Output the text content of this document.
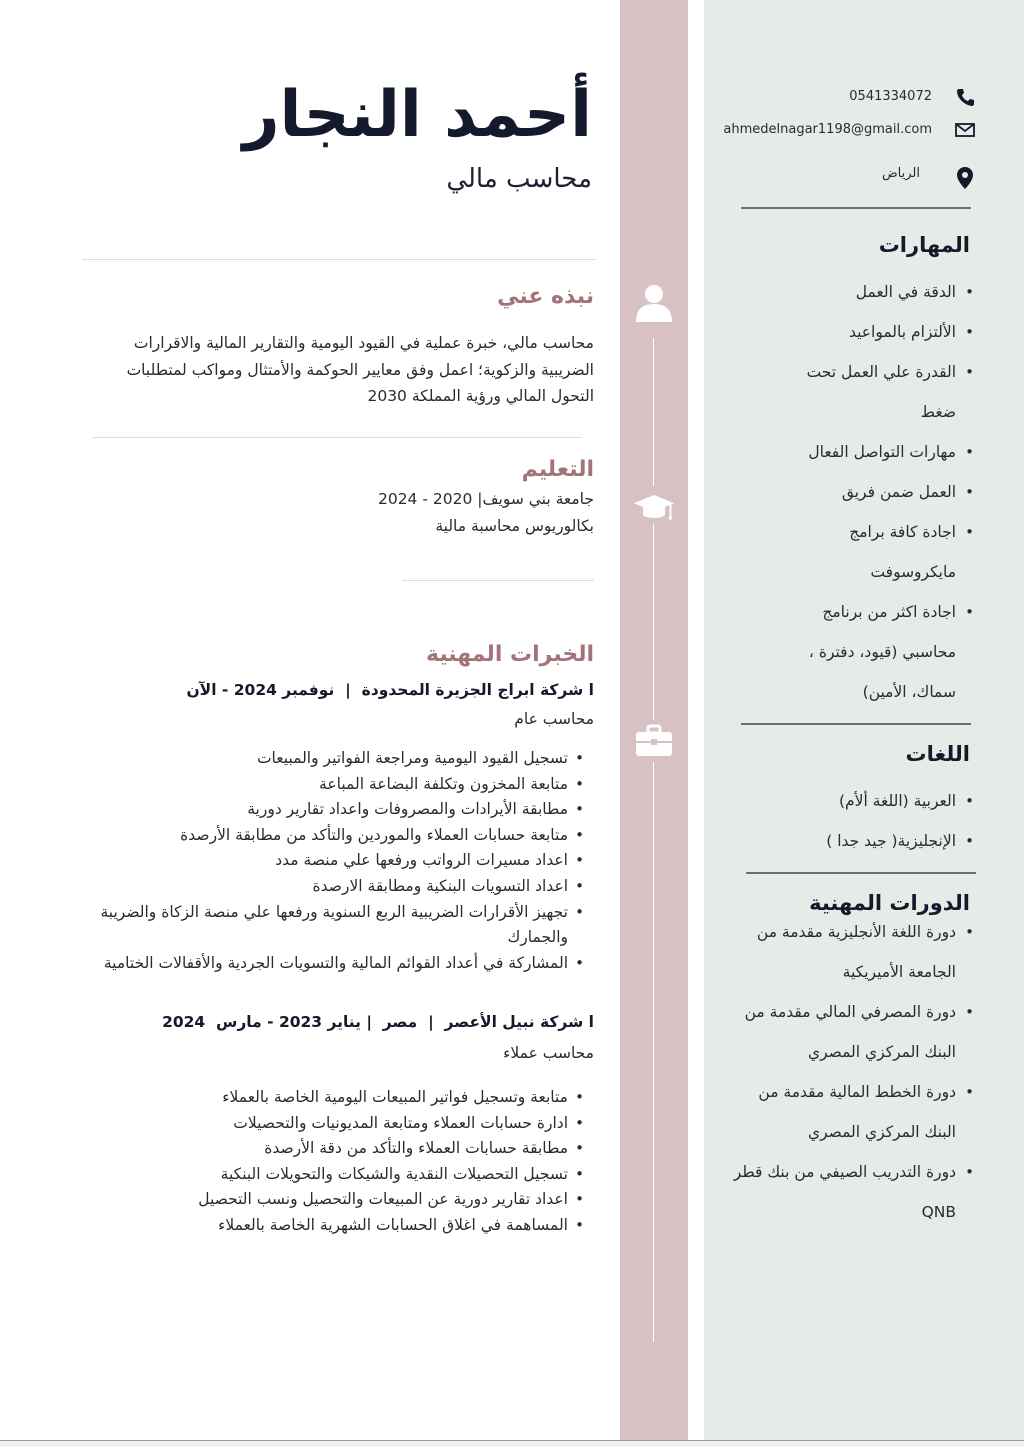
أحمد النجار
محاسب مالي
نبذه عني
محاسب مالي، خبرة عملية في القيود اليومية والتقارير المالية والاقرارات الضريبية والزكوية؛ اعمل وفق معايير الحوكمة والأمتثال ومواكب لمتطلبات التحول المالي ورؤية المملكة 2030
التعليم
جامعة بني سويف| 2020 - 2024
بكالوريوس محاسبة مالية
الخبرات المهنية
ا شركة ابراج الجزيرة المحدودة  |  نوفمبر 2024 - الآن
محاسب عام
• تسجيل القيود اليومية ومراجعة الفواتير والمبيعات
• متابعة المخزون وتكلفة البضاعة المباعة
• مطابقة الأيرادات والمصروفات واعداد تقارير دورية
• متابعة حسابات العملاء والموردين والتأكد من مطابقة الأرصدة
• اعداد مسيرات الرواتب ورفعها علي منصة مدد
• اعداد التسويات البنكية ومطابقة الارصدة
• تجهيز الأقرارات الضريبية الربع السنوية ورفعها علي منصة الزكاة والضريبة والجمارك
• المشاركة في أعداد القوائم المالية والتسويات الجردية والأقفالات الختامية
ا شركة نبيل الأعصر  |  مصر  | يناير 2023 - مارس  2024
محاسب عملاء
• متابعة وتسجيل فواتير المبيعات اليومية الخاصة بالعملاء
• ادارة حسابات العملاء ومتابعة المديونيات والتحصيلات
• مطابقة حسابات العملاء والتأكد من دقة الأرصدة
• تسجيل التحصيلات النقدية والشيكات والتحويلات البنكية
• اعداد تقارير دورية عن المبيعات والتحصيل ونسب التحصيل
• المساهمة في اغلاق الحسابات الشهرية الخاصة بالعملاء
0541334072
ahmedelnagar1198@gmail.com
الرياض
المهارات
• الدقة في العمل
• الألتزام بالمواعيد
• القدرة علي العمل تحت ضغط
• مهارات التواصل الفعال
• العمل ضمن فريق
• اجادة كافة برامج مايكروسوفت
• اجادة اكثر من برنامج محاسبي (قيود، دفترة ، سماك، الأمين)
اللغات
• العربية (اللغة ألأم)
• الإنجليزية( جيد جدا )
الدورات المهنية
• دورة اللغة الأنجليزية مقدمة من الجامعة الأميريكية
• دورة المصرفي المالي مقدمة من البنك المركزي المصري
• دورة الخطط المالية مقدمة من البنك المركزي المصري
• دورة التدريب الصيفي من بنك قطر QNB
